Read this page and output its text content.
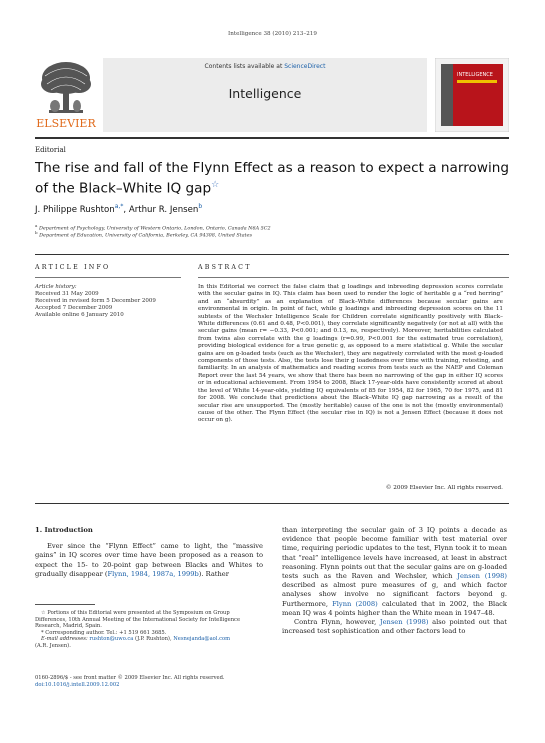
Intelligence 38 (2010) 213–219
ELSEVIER
Contents lists available at ScienceDirect
Intelligence
INTELLIGENCE
Editorial
The rise and fall of the Flynn Effect as a reason to expect a narrowing of the Black–White IQ gap☆
J. Philippe Rushton$^{a,*}$, Arthur R. Jensen$^b$
$^a$ Department of Psychology, University of Western Ontario, London, Ontario, Canada N6A 5C2
$^b$ Department of Education, University of California, Berkeley, CA 94308, United States
ARTICLE INFO	ABSTRACT
Article history:
Received 31 May 2009
Received in revised form 5 December 2009
Accepted 7 December 2009
Available online 6 January 2010
In this Editorial we correct the false claim that g loadings and inbreeding depression scores correlate with the secular gains in IQ. This claim has been used to render the logic of heritable g a “red herring” and an “absurdity” as an explanation of Black–White differences because secular gains are environmental in origin. In point of fact, while g loadings and inbreeding depression scores on the 11 subtests of the Wechsler Intelligence Scale for Children correlate significantly positively with Black–White differences (0.61 and 0.48, P<0.001), they correlate significantly negatively (or not at all) with the secular gains (mean r= −0.33, P<0.001; and 0.13, ns, respectively). Moreover, heritabilities calculated from twins also correlate with the g loadings (r=0.99, P<0.001 for the estimated true correlation), providing biological evidence for a true genetic g, as opposed to a mere statistical g. While the secular gains are on g-loaded tests (such as the Wechsler), they are negatively correlated with the most g-loaded components of those tests. Also, the tests lose their g loadedness over time with training, retesting, and familiarity. In an analysis of mathematics and reading scores from tests such as the NAEP and Coleman Report over the last 54 years, we show that there has been no narrowing of the gap in either IQ scores or in educational achievement. From 1954 to 2008, Black 17-year-olds have consistently scored at about the level of White 14-year-olds, yielding IQ equivalents of 85 for 1954, 82 for 1965, 70 for 1975, and 81 for 2008. We conclude that predictions about the Black–White IQ gap narrowing as a result of the secular rise are unsupported. The (mostly heritable) cause of the one is not the (mostly environmental) cause of the other. The Flynn Effect (the secular rise in IQ) is not a Jensen Effect (because it does not occur on g).
© 2009 Elsevier Inc. All rights reserved.
1. Introduction

Ever since the “Flynn Effect” came to light, the “massive gains” in IQ scores over time have been proposed as a reason to expect the 15- to 20-point gap between Blacks and Whites to gradually disappear (Flynn, 1984, 1987a, 1999b). Rather

☆ Portions of this Editorial were presented at the Symposium on Group Differences, 10th Annual Meeting of the International Society for Intelligence Research, Madrid, Spain.
* Corresponding author. Tel.: +1 519 661 3685.
E-mail addresses: rushton@uwo.ca (J.P. Rushton), Nesnejanda@aol.com
(A.R. Jensen).
0160-2896/$ - see front matter © 2009 Elsevier Inc. All rights reserved.
doi:10.1016/j.intell.2009.12.002

than interpreting the secular gain of 3 IQ points a decade as evidence that people become familiar with test material over time, requiring periodic updates to the test, Flynn took it to mean that “real” intelligence levels have increased, at least in abstract reasoning. Flynn points out that the secular gains are on g-loaded tests such as the Raven and Wechsler, which Jensen (1998) described as almost pure measures of g, and which factor analyses show involve no significant factors beyond g. Furthermore, Flynn (2008) calculated that in 2002, the Black mean IQ was 4 points higher than the White mean in 1947–48.

Contra Flynn, however, Jensen (1998) also pointed out that increased test sophistication and other factors lead to
